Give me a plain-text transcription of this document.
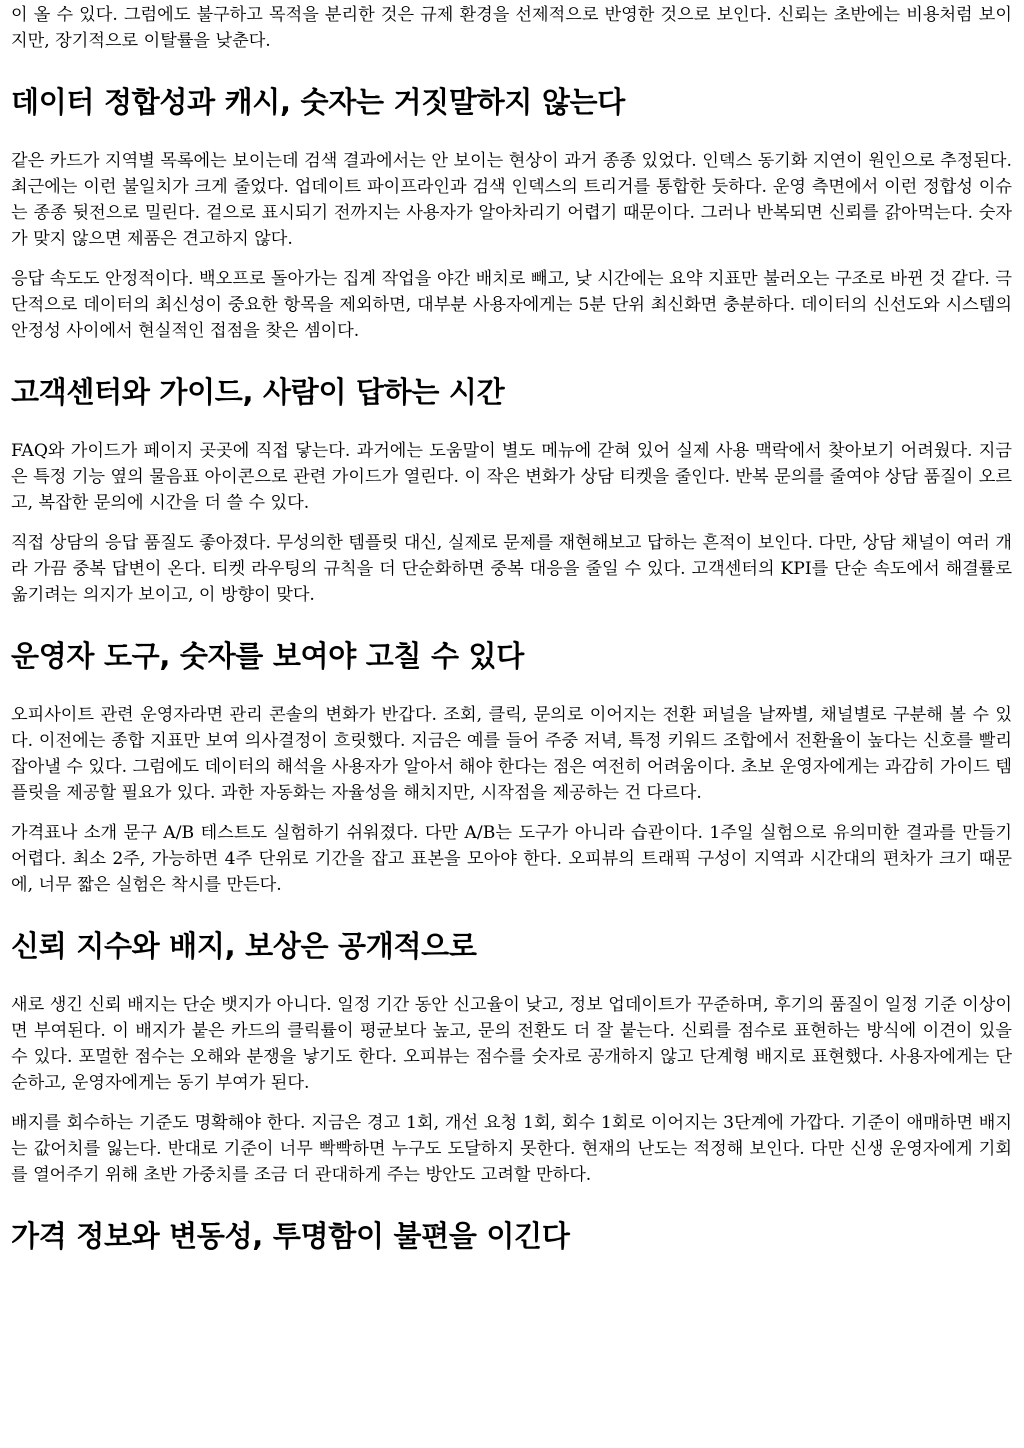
이 올 수 있다. 그럼에도 불구하고 목적을 분리한 것은 규제 환경을 선제적으로 반영한 것으로 보인다. 신뢰는 초반에는 비용처럼 보이지만, 장기적으로 이탈률을 낮춘다.

데이터 정합성과 캐시, 숫자는 거짓말하지 않는다

같은 카드가 지역별 목록에는 보이는데 검색 결과에서는 안 보이는 현상이 과거 종종 있었다. 인덱스 동기화 지연이 원인으로 추정된다. 최근에는 이런 불일치가 크게 줄었다. 업데이트 파이프라인과 검색 인덱스의 트리거를 통합한 듯하다. 운영 측면에서 이런 정합성 이슈는 종종 뒷전으로 밀린다. 겉으로 표시되기 전까지는 사용자가 알아차리기 어렵기 때문이다. 그러나 반복되면 신뢰를 갉아먹는다. 숫자가 맞지 않으면 제품은 견고하지 않다.

응답 속도도 안정적이다. 백오프로 돌아가는 집계 작업을 야간 배치로 빼고, 낮 시간에는 요약 지표만 불러오는 구조로 바뀐 것 같다. 극단적으로 데이터의 최신성이 중요한 항목을 제외하면, 대부분 사용자에게는 5분 단위 최신화면 충분하다. 데이터의 신선도와 시스템의 안정성 사이에서 현실적인 접점을 찾은 셈이다.

고객센터와 가이드, 사람이 답하는 시간

FAQ와 가이드가 페이지 곳곳에 직접 닿는다. 과거에는 도움말이 별도 메뉴에 갇혀 있어 실제 사용 맥락에서 찾아보기 어려웠다. 지금은 특정 기능 옆의 물음표 아이콘으로 관련 가이드가 열린다. 이 작은 변화가 상담 티켓을 줄인다. 반복 문의를 줄여야 상담 품질이 오르고, 복잡한 문의에 시간을 더 쓸 수 있다.

직접 상담의 응답 품질도 좋아졌다. 무성의한 템플릿 대신, 실제로 문제를 재현해보고 답하는 흔적이 보인다. 다만, 상담 채널이 여러 개라 가끔 중복 답변이 온다. 티켓 라우팅의 규칙을 더 단순화하면 중복 대응을 줄일 수 있다. 고객센터의 KPI를 단순 속도에서 해결률로 옮기려는 의지가 보이고, 이 방향이 맞다.

운영자 도구, 숫자를 보여야 고칠 수 있다

오피사이트 관련 운영자라면 관리 콘솔의 변화가 반갑다. 조회, 클릭, 문의로 이어지는 전환 퍼널을 날짜별, 채널별로 구분해 볼 수 있다. 이전에는 종합 지표만 보여 의사결정이 흐릿했다. 지금은 예를 들어 주중 저녁, 특정 키워드 조합에서 전환율이 높다는 신호를 빨리 잡아낼 수 있다. 그럼에도 데이터의 해석을 사용자가 알아서 해야 한다는 점은 여전히 어려움이다. 초보 운영자에게는 과감히 가이드 템플릿을 제공할 필요가 있다. 과한 자동화는 자율성을 해치지만, 시작점을 제공하는 건 다르다.

가격표나 소개 문구 A/B 테스트도 실험하기 쉬워졌다. 다만 A/B는 도구가 아니라 습관이다. 1주일 실험으로 유의미한 결과를 만들기 어렵다. 최소 2주, 가능하면 4주 단위로 기간을 잡고 표본을 모아야 한다. 오피뷰의 트래픽 구성이 지역과 시간대의 편차가 크기 때문에, 너무 짧은 실험은 착시를 만든다.

신뢰 지수와 배지, 보상은 공개적으로

새로 생긴 신뢰 배지는 단순 뱃지가 아니다. 일정 기간 동안 신고율이 낮고, 정보 업데이트가 꾸준하며, 후기의 품질이 일정 기준 이상이면 부여된다. 이 배지가 붙은 카드의 클릭률이 평균보다 높고, 문의 전환도 더 잘 붙는다. 신뢰를 점수로 표현하는 방식에 이견이 있을 수 있다. 포멀한 점수는 오해와 분쟁을 낳기도 한다. 오피뷰는 점수를 숫자로 공개하지 않고 단계형 배지로 표현했다. 사용자에게는 단순하고, 운영자에게는 동기 부여가 된다.

배지를 회수하는 기준도 명확해야 한다. 지금은 경고 1회, 개선 요청 1회, 회수 1회로 이어지는 3단계에 가깝다. 기준이 애매하면 배지는 값어치를 잃는다. 반대로 기준이 너무 빡빡하면 누구도 도달하지 못한다. 현재의 난도는 적정해 보인다. 다만 신생 운영자에게 기회를 열어주기 위해 초반 가중치를 조금 더 관대하게 주는 방안도 고려할 만하다.

가격 정보와 변동성, 투명함이 불편을 이긴다
